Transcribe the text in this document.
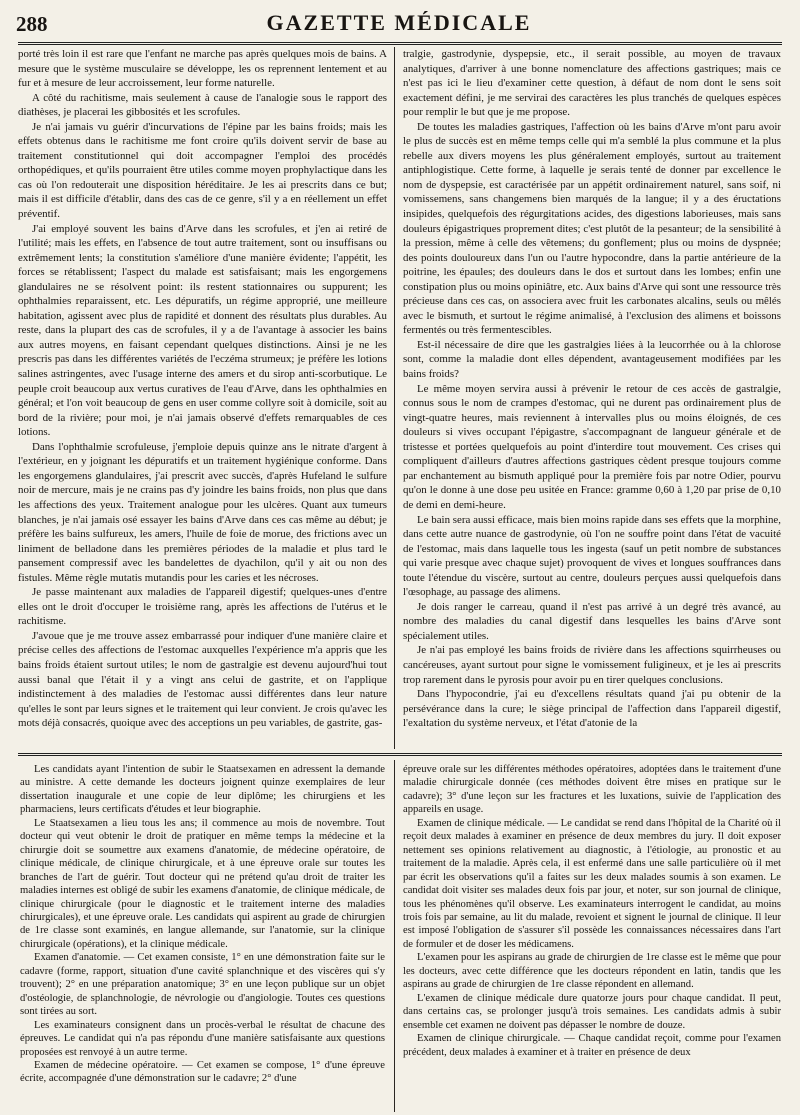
288	GAZETTE MÉDICALE

porté très loin il est rare que l'enfant ne marche pas après quelques mois de bains. A mesure que le système musculaire se développe, les os reprennent lentement et au fur et à mesure de leur accroissement, leur forme naturelle.

A côté du rachitisme, mais seulement à cause de l'analogie sous le rapport des diathèses, je placerai les gibbosités et les scrofules.

Je n'ai jamais vu guérir d'incurvations de l'épine par les bains froids; mais les effets obtenus dans le rachitisme me font croire qu'ils doivent servir de base au traitement constitutionnel qui doit accompagner l'emploi des procédés orthopédiques, et qu'ils pourraient être utiles comme moyen prophylactique dans les cas où l'on redouterait une disposition héréditaire. Je les ai prescrits dans ce but; mais il est difficile d'établir, dans des cas de ce genre, s'il y a en réellement un effet préventif.

J'ai employé souvent les bains d'Arve dans les scrofules, et j'en ai retiré de l'utilité; mais les effets, en l'absence de tout autre traitement, sont ou insuffisans ou extrêmement lents; la constitution s'améliore d'une manière évidente; l'appétit, les forces se rétablissent; l'aspect du malade est satisfaisant; mais les engorgemens glandulaires ne se résolvent point: ils restent stationnaires ou suppurent; les ophthalmies reparaissent, etc. Les dépuratifs, un régime approprié, une meilleure habitation, agissent avec plus de rapidité et donnent des résultats plus durables. Au reste, dans la plupart des cas de scrofules, il y a de l'avantage à associer les bains aux autres moyens, en faisant cependant quelques distinctions. Ainsi je ne les prescris pas dans les différentes variétés de l'eczéma strumeux; je préfère les lotions salines astringentes, avec l'usage interne des amers et du sirop anti-scorbutique. Le peuple croit beaucoup aux vertus curatives de l'eau d'Arve, dans les ophthalmies en général; et l'on voit beaucoup de gens en user comme collyre soit à domicile, soit au bord de la rivière; pour moi, je n'ai jamais observé d'effets remarquables de ces lotions.

Dans l'ophthalmie scrofuleuse, j'emploie depuis quinze ans le nitrate d'argent à l'extérieur, en y joignant les dépuratifs et un traitement hygiénique conforme. Dans les engorgemens glandulaires, j'ai prescrit avec succès, d'après Hufeland le sulfure noir de mercure, mais je ne crains pas d'y joindre les bains froids, non plus que dans les affections des yeux. Traitement analogue pour les ulcères. Quant aux tumeurs blanches, je n'ai jamais osé essayer les bains d'Arve dans ces cas même au début; je préfère les bains sulfureux, les amers, l'huile de foie de morue, des frictions avec un liniment de belladone dans les premières périodes de la maladie et plus tard le pansement compressif avec les bandelettes de dyachilon, qu'il y ait ou non des fistules. Même règle mutatis mutandis pour les caries et les nécroses.

Je passe maintenant aux maladies de l'appareil digestif; quelques-unes d'entre elles ont le droit d'occuper le troisième rang, après les affections de l'utérus et le rachitisme.

J'avoue que je me trouve assez embarrassé pour indiquer d'une manière claire et précise celles des affections de l'estomac auxquelles l'expérience m'a appris que les bains froids étaient surtout utiles; le nom de gastralgie est devenu aujourd'hui tout aussi banal que l'était il y a vingt ans celui de gastrite, et on l'applique indistinctement à des maladies de l'estomac aussi différentes dans leur nature qu'elles le sont par leurs signes et le traitement qui leur convient. Je crois qu'avec les mots déjà consacrés, quoique avec des acceptions un peu variables, de gastrite, gas-

tralgie, gastrodynie, dyspepsie, etc., il serait possible, au moyen de travaux analytiques, d'arriver à une bonne nomenclature des affections gastriques; mais ce n'est pas ici le lieu d'examiner cette question, à défaut de nom dont le sens soit exactement défini, je me servirai des caractères les plus tranchés de quelques espèces pour remplir le but que je me propose.

De toutes les maladies gastriques, l'affection où les bains d'Arve m'ont paru avoir le plus de succès est en même temps celle qui m'a semblé la plus commune et la plus rebelle aux divers moyens les plus généralement employés, surtout au traitement antiphlogistique. Cette forme, à laquelle je serais tenté de donner par excellence le nom de dyspepsie, est caractérisée par un appétit ordinairement naturel, sans soif, ni vomissemens, sans changemens bien marqués de la langue; il y a des éructations insipides, quelquefois des régurgitations acides, des digestions laborieuses, mais sans douleurs épigastriques proprement dites; c'est plutôt de la pesanteur; de la sensibilité à la pression, même à celle des vêtemens; du gonflement; plus ou moins de dyspnée; des points douloureux dans l'un ou l'autre hypocondre, dans la partie antérieure de la poitrine, les épaules; des douleurs dans le dos et surtout dans les lombes; enfin une constipation plus ou moins opiniâtre, etc. Aux bains d'Arve qui sont une ressource très précieuse dans ces cas, on associera avec fruit les carbonates alcalins, seuls ou mêlés avec le bismuth, et surtout le régime animalisé, à l'exclusion des alimens et boissons fermentés ou très fermentescibles.

Est-il nécessaire de dire que les gastralgies liées à la leucorrhée ou à la chlorose sont, comme la maladie dont elles dépendent, avantageusement modifiées par les bains froids?

Le même moyen servira aussi à prévenir le retour de ces accès de gastralgie, connus sous le nom de crampes d'estomac, qui ne durent pas ordinairement plus de vingt-quatre heures, mais reviennent à intervalles plus ou moins éloignés, de ces douleurs si vives occupant l'épigastre, s'accompagnant de langueur générale et de tristesse et portées quelquefois au point d'interdire tout mouvement. Ces crises qui compliquent d'ailleurs d'autres affections gastriques cèdent presque toujours comme par enchantement au bismuth appliqué pour la première fois par notre Odier, pourvu qu'on le donne à une dose peu usitée en France: gramme 0,60 à 1,20 par prise de 0,10 de demi en demi-heure.

Le bain sera aussi efficace, mais bien moins rapide dans ses effets que la morphine, dans cette autre nuance de gastrodynie, où l'on ne souffre point dans l'état de vacuité de l'estomac, mais dans laquelle tous les ingesta (sauf un petit nombre de substances qui varie presque avec chaque sujet) provoquent de vives et longues souffrances dans toute l'étendue du viscère, surtout au centre, douleurs perçues aussi quelquefois dans l'œsophage, au passage des alimens.

Je dois ranger le carreau, quand il n'est pas arrivé à un degré très avancé, au nombre des maladies du canal digestif dans lesquelles les bains d'Arve sont spécialement utiles.

Je n'ai pas employé les bains froids de rivière dans les affections squirrheuses ou cancéreuses, ayant surtout pour signe le vomissement fuligineux, et je les ai prescrits trop rarement dans le pyrosis pour avoir pu en tirer quelques conclusions.

Dans l'hypocondrie, j'ai eu d'excellens résultats quand j'ai pu obtenir de la persévérance dans la cure; le siège principal de l'affection dans l'appareil digestif, l'exaltation du système nerveux, et l'état d'atonie de la

Les candidats ayant l'intention de subir le Staatsexamen en adressent la demande au ministre. A cette demande les docteurs joignent quinze exemplaires de leur dissertation inaugurale et une copie de leur diplôme; les chirurgiens et les pharmaciens, leurs certificats d'études et leur biographie.

Le Staatsexamen a lieu tous les ans; il commence au mois de novembre. Tout docteur qui veut obtenir le droit de pratiquer en même temps la médecine et la chirurgie doit se soumettre aux examens d'anatomie, de médecine opératoire, de clinique médicale, de clinique chirurgicale, et à une épreuve orale sur toutes les branches de l'art de guérir. Tout docteur qui ne prétend qu'au droit de traiter les maladies internes est obligé de subir les examens d'anatomie, de clinique médicale, de clinique chirurgicale (pour le diagnostic et le traitement interne des maladies chirurgicales), et une épreuve orale. Les candidats qui aspirent au grade de chirurgien de 1re classe sont examinés, en langue allemande, sur l'anatomie, sur la clinique chirurgicale (opérations), et la clinique médicale.

Examen d'anatomie. — Cet examen consiste, 1° en une démonstration faite sur le cadavre (forme, rapport, situation d'une cavité splanchnique et des viscères qui s'y trouvent); 2° en une préparation anatomique; 3° en une leçon publique sur un objet d'ostéologie, de splanchnologie, de névrologie ou d'angiologie. Toutes ces questions sont tirées au sort.

Les examinateurs consignent dans un procès-verbal le résultat de chacune des épreuves. Le candidat qui n'a pas répondu d'une manière satisfaisante aux questions proposées est renvoyé à un autre terme.

Examen de médecine opératoire. — Cet examen se compose, 1° d'une épreuve écrite, accompagnée d'une démonstration sur le cadavre; 2° d'une

épreuve orale sur les différentes méthodes opératoires, adoptées dans le traitement d'une maladie chirurgicale donnée (ces méthodes doivent être mises en pratique sur le cadavre); 3° d'une leçon sur les fractures et les luxations, suivie de l'application des appareils en usage.

Examen de clinique médicale. — Le candidat se rend dans l'hôpital de la Charité où il reçoit deux malades à examiner en présence de deux membres du jury. Il doit exposer nettement ses opinions relativement au diagnostic, à l'étiologie, au pronostic et au traitement de la maladie. Après cela, il est enfermé dans une salle particulière où il met par écrit les observations qu'il a faites sur les deux malades soumis à son examen. Le candidat doit visiter ses malades deux fois par jour, et noter, sur son journal de clinique, tous les phénomènes qu'il observe. Les examinateurs interrogent le candidat, au moins trois fois par semaine, au lit du malade, revoient et signent le journal de clinique. Il leur est imposé l'obligation de s'assurer s'il possède les connaissances nécessaires dans l'art de formuler et de doser les médicamens.

L'examen pour les aspirans au grade de chirurgien de 1re classe est le même que pour les docteurs, avec cette différence que les docteurs répondent en latin, tandis que les aspirans au grade de chirurgien de 1re classe répondent en allemand.

L'examen de clinique médicale dure quatorze jours pour chaque candidat. Il peut, dans certains cas, se prolonger jusqu'à trois semaines. Les candidats admis à subir ensemble cet examen ne doivent pas dépasser le nombre de douze.

Examen de clinique chirurgicale. — Chaque candidat reçoit, comme pour l'examen précédent, deux malades à examiner et à traiter en présence de deux
